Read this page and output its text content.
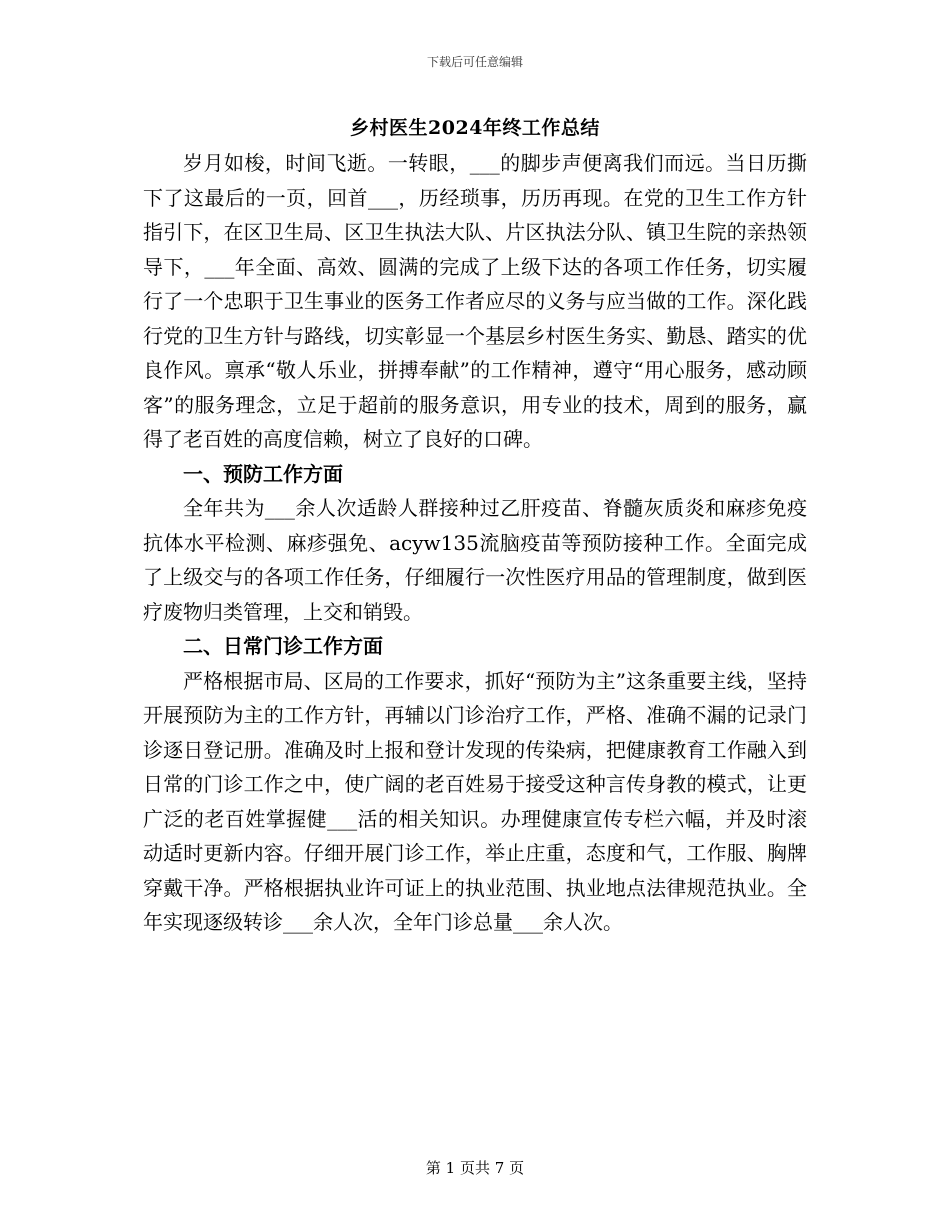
下载后可任意编辑
乡村医生2024年终工作总结

岁月如梭，时间飞逝。一转眼，___的脚步声便离我们而远。当日历撕下了这最后的一页，回首___，历经琐事，历历再现。在党的卫生工作方针指引下，在区卫生局、区卫生执法大队、片区执法分队、镇卫生院的亲热领导下，___年全面、高效、圆满的完成了上级下达的各项工作任务，切实履行了一个忠职于卫生事业的医务工作者应尽的义务与应当做的工作。深化践行党的卫生方针与路线，切实彰显一个基层乡村医生务实、勤恳、踏实的优良作风。禀承“敬人乐业，拼搏奉献”的工作精神，遵守“用心服务，感动顾客”的服务理念，立足于超前的服务意识，用专业的技术，周到的服务，赢得了老百姓的高度信赖，树立了良好的口碑。

一、预防工作方面

全年共为___余人次适龄人群接种过乙肝疫苗、脊髓灰质炎和麻疹免疫抗体水平检测、麻疹强免、acyw135流脑疫苗等预防接种工作。全面完成了上级交与的各项工作任务，仔细履行一次性医疗用品的管理制度，做到医疗废物归类管理，上交和销毁。

二、日常门诊工作方面

严格根据市局、区局的工作要求，抓好“预防为主”这条重要主线，坚持开展预防为主的工作方针，再辅以门诊治疗工作，严格、准确不漏的记录门诊逐日登记册。准确及时上报和登计发现的传染病，把健康教育工作融入到日常的门诊工作之中，使广阔的老百姓易于接受这种言传身教的模式，让更广泛的老百姓掌握健___活的相关知识。办理健康宣传专栏六幅，并及时滚动适时更新内容。仔细开展门诊工作，举止庄重，态度和气，工作服、胸牌穿戴干净。严格根据执业许可证上的执业范围、执业地点法律规范执业。全年实现逐级转诊___余人次，全年门诊总量___余人次。

第 1 页共 7 页
